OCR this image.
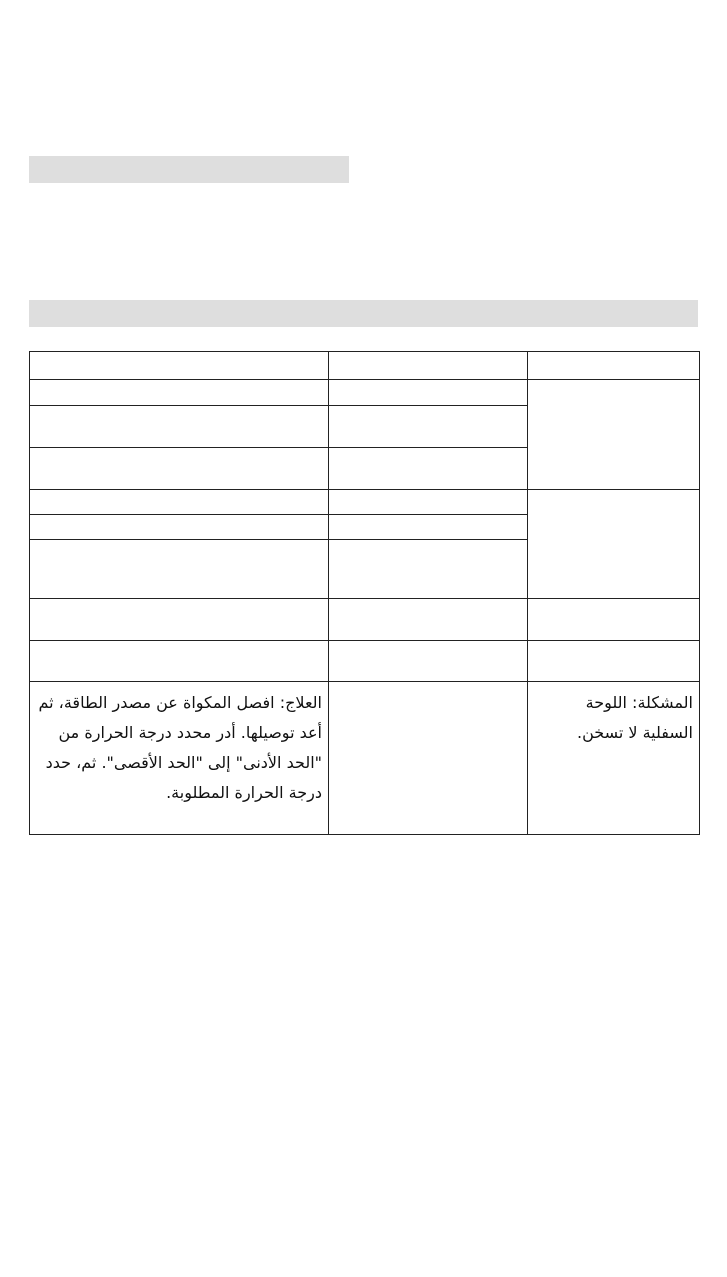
العلاج: افصل المكواة عن مصدر الطاقة، ثم أعد توصيلها. أدر محدد درجة الحرارة من "الحد الأدنى" إلى "الحد الأقصى". ثم، حدد درجة الحرارة المطلوبة.		المشكلة: اللوحة السفلية لا تسخن.
